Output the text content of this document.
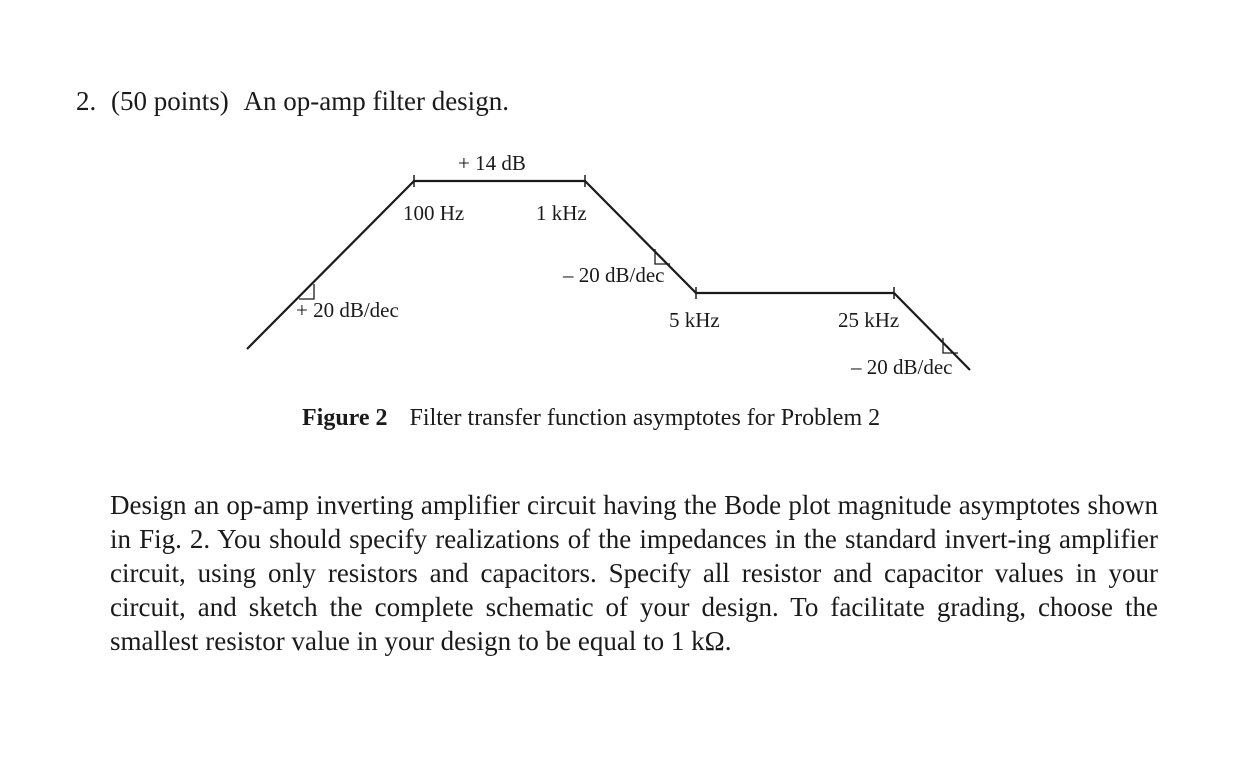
2. (50 points) An op-amp filter design.
+ 14 dB
100 Hz	1 kHz
5 kHz	25 kHz
+ 20 dB/dec
– 20 dB/dec
– 20 dB/dec
Figure 2 Filter transfer function asymptotes for Problem 2
Design an op-amp inverting amplifier circuit having the Bode plot magnitude asymptotes shown in Fig. 2. You should specify realizations of the impedances in the standard invert-ing amplifier circuit, using only resistors and capacitors. Specify all resistor and capacitor values in your circuit, and sketch the complete schematic of your design. To facilitate grading, choose the smallest resistor value in your design to be equal to 1 kΩ.
